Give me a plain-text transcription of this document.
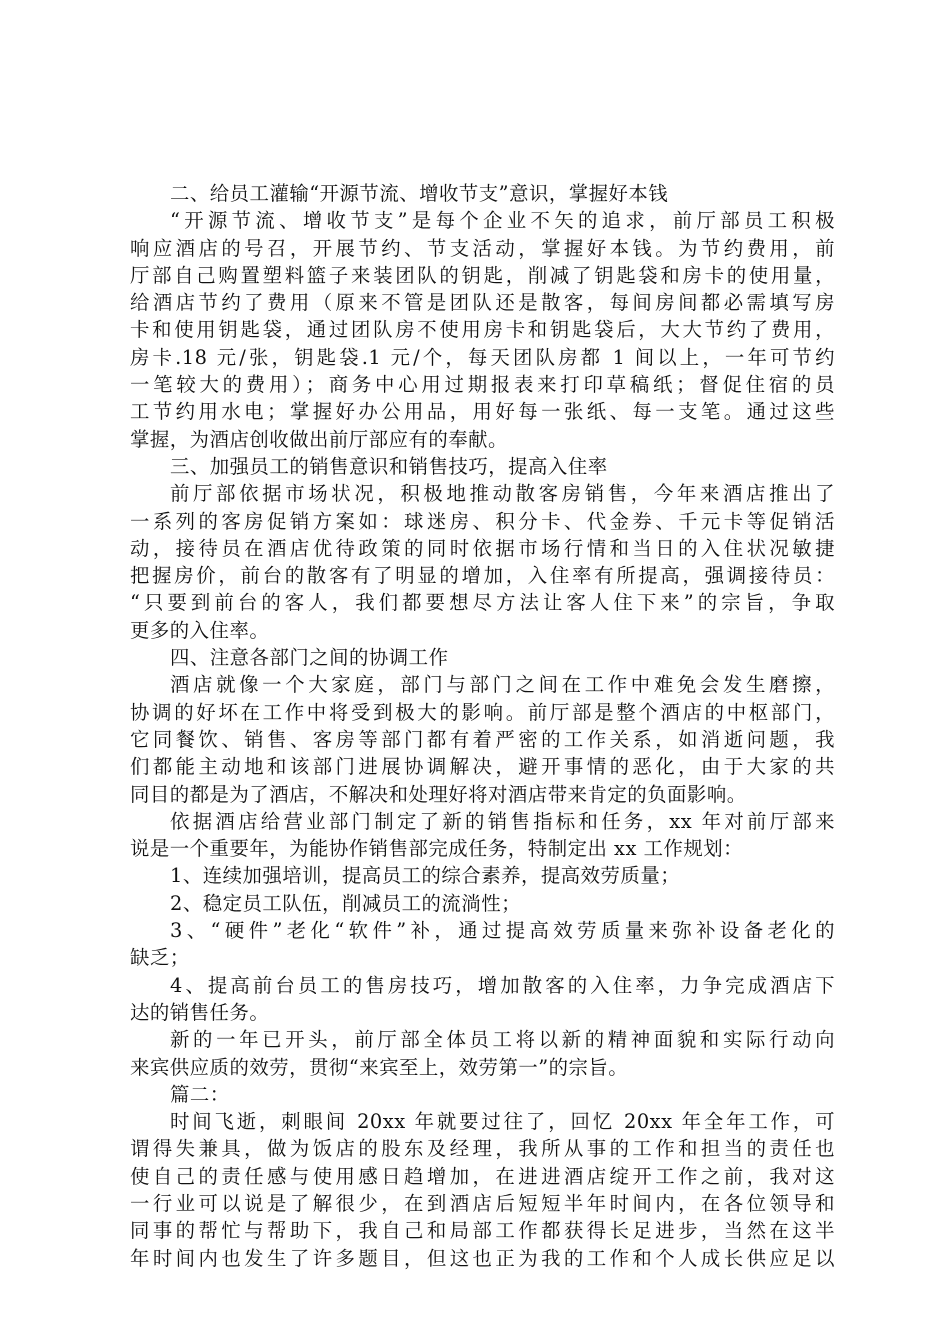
二、给员工灌输“开源节流、增收节支”意识，掌握好本钱
“开源节流、增收节支”是每个企业不矢的追求，前厅部员工积极
响应酒店的号召，开展节约、节支活动，掌握好本钱。为节约费用，前
厅部自己购置塑料篮子来装团队的钥匙，削减了钥匙袋和房卡的使用量，
给酒店节约了费用（原来不管是团队还是散客，每间房间都必需填写房
卡和使用钥匙袋，通过团队房不使用房卡和钥匙袋后，大大节约了费用，
房卡.18 元/张，钥匙袋.1 元/个，每天团队房都 1 间以上，一年可节约
一笔较大的费用）；商务中心用过期报表来打印草稿纸；督促住宿的员
工节约用水电；掌握好办公用品，用好每一张纸、每一支笔。通过这些
掌握，为酒店创收做出前厅部应有的奉献。
三、加强员工的销售意识和销售技巧，提高入住率
前厅部依据市场状况，积极地推动散客房销售，今年来酒店推出了
一系列的客房促销方案如：球迷房、积分卡、代金券、千元卡等促销活
动，接待员在酒店优待政策的同时依据市场行情和当日的入住状况敏捷
把握房价，前台的散客有了明显的增加，入住率有所提高，强调接待员：
“只要到前台的客人，我们都要想尽方法让客人住下来”的宗旨，争取
更多的入住率。
四、注意各部门之间的协调工作
酒店就像一个大家庭，部门与部门之间在工作中难免会发生磨擦，
协调的好坏在工作中将受到极大的影响。前厅部是整个酒店的中枢部门，
它同餐饮、销售、客房等部门都有着严密的工作关系，如消逝问题，我
们都能主动地和该部门进展协调解决，避开事情的恶化，由于大家的共
同目的都是为了酒店，不解决和处理好将对酒店带来肯定的负面影响。
依据酒店给营业部门制定了新的销售指标和任务，xx 年对前厅部来
说是一个重要年，为能协作销售部完成任务，特制定出 xx 工作规划：
1、连续加强培训，提高员工的综合素养，提高效劳质量；
2、稳定员工队伍，削减员工的流淌性；
3、“硬件”老化“软件”补，通过提高效劳质量来弥补设备老化的
缺乏；
4、提高前台员工的售房技巧，增加散客的入住率，力争完成酒店下
达的销售任务。
新的一年已开头，前厅部全体员工将以新的精神面貌和实际行动向
来宾供应质的效劳，贯彻“来宾至上，效劳第一”的宗旨。
篇二：
时间飞逝，刺眼间 20xx 年就要过往了，回忆 20xx 年全年工作，可
谓得失兼具，做为饭店的股东及经理，我所从事的工作和担当的责任也
使自己的责任感与使用感日趋增加，在进进酒店绽开工作之前，我对这
一行业可以说是了解很少，在到酒店后短短半年时间内，在各位领导和
同事的帮忙与帮助下，我自己和局部工作都获得长足进步，当然在这半
年时间内也发生了许多题目，但这也正为我的工作和个人成长供应足以
